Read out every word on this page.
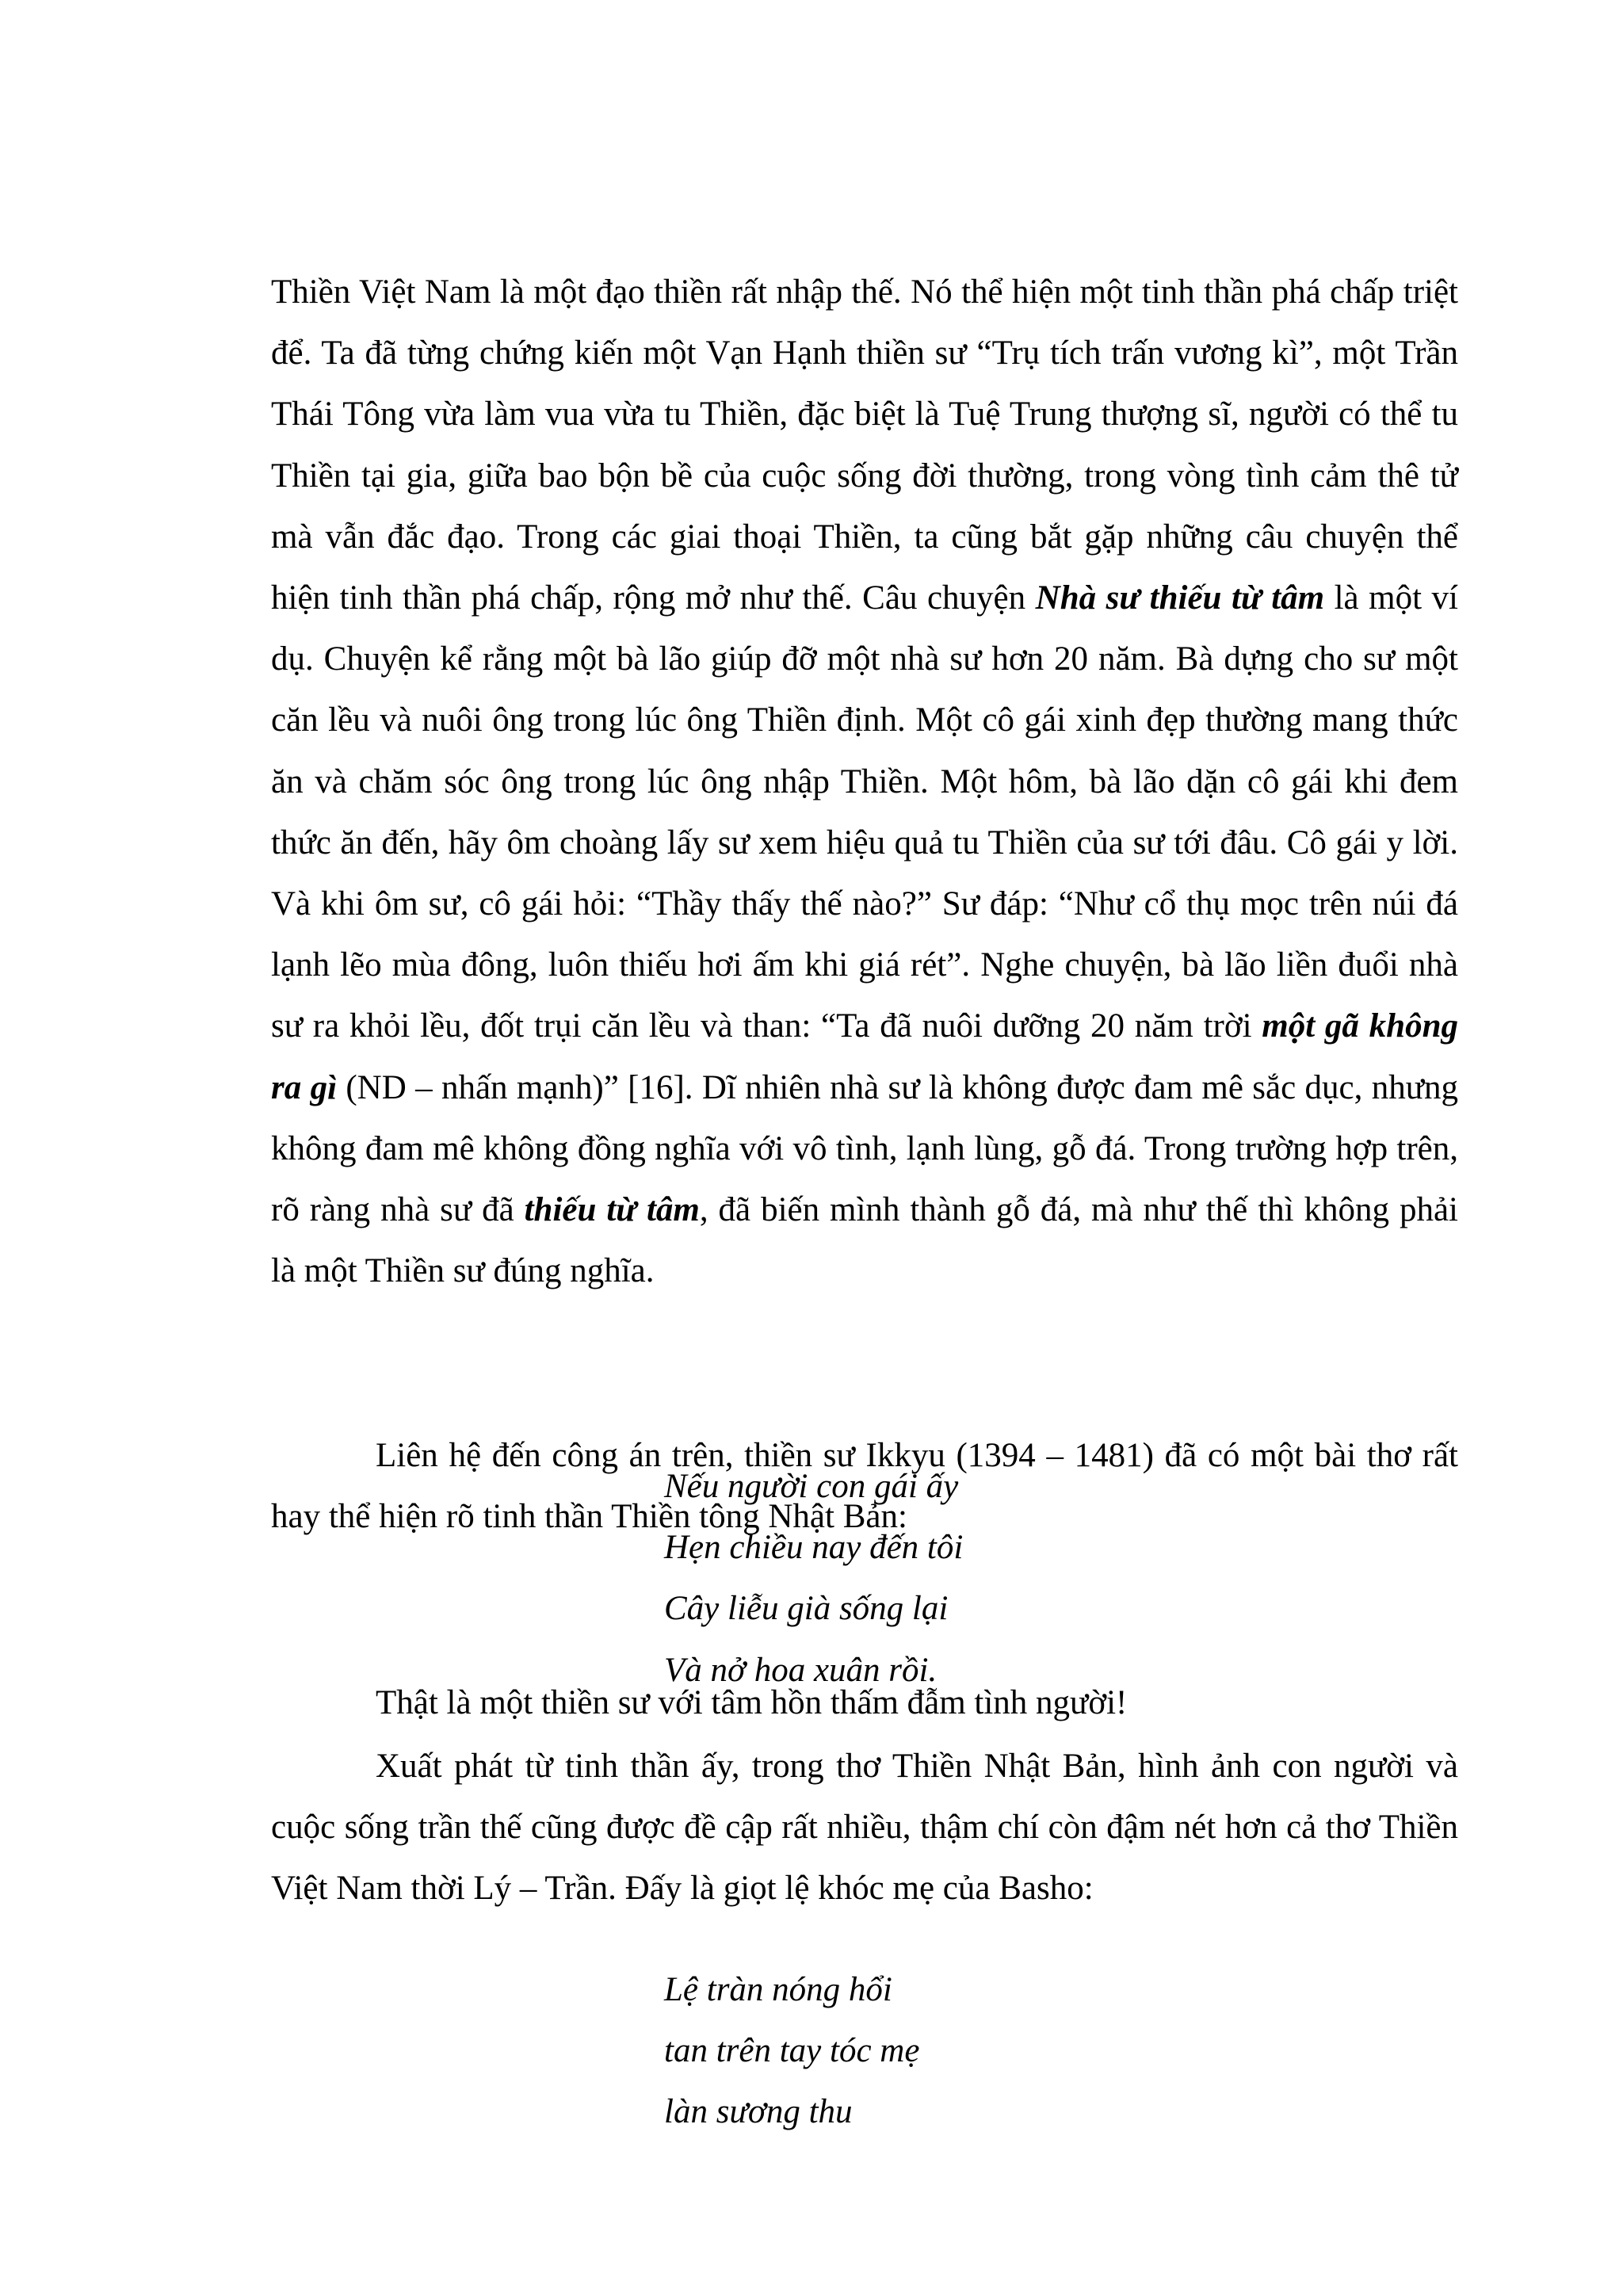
Thiền Việt Nam là một đạo thiền rất nhập thế. Nó thể hiện một tinh thần phá chấp triệt để. Ta đã từng chứng kiến một Vạn Hạnh thiền sư “Trụ tích trấn vương kì”, một Trần Thái Tông vừa làm vua vừa tu Thiền, đặc biệt là Tuệ Trung thượng sĩ, người có thể tu Thiền tại gia, giữa bao bộn bề của cuộc sống đời thường, trong vòng tình cảm thê tử mà vẫn đắc đạo. Trong các giai thoại Thiền, ta cũng bắt gặp những câu chuyện thể hiện tinh thần phá chấp, rộng mở như thế. Câu chuyện Nhà sư thiếu từ tâm là một ví dụ. Chuyện kể rằng một bà lão giúp đỡ một nhà sư hơn 20 năm. Bà dựng cho sư một căn lều và nuôi ông trong lúc ông Thiền định. Một cô gái xinh đẹp thường mang thức ăn và chăm sóc ông trong lúc ông nhập Thiền. Một hôm, bà lão dặn cô gái khi đem thức ăn đến, hãy ôm choàng lấy sư xem hiệu quả tu Thiền của sư tới đâu. Cô gái y lời. Và khi ôm sư, cô gái hỏi: “Thầy thấy thế nào?” Sư đáp: “Như cổ thụ mọc trên núi đá lạnh lẽo mùa đông, luôn thiếu hơi ấm khi giá rét”. Nghe chuyện, bà lão liền đuổi nhà sư ra khỏi lều, đốt trụi căn lều và than: “Ta đã nuôi dưỡng 20 năm trời một gã không ra gì (ND – nhấn mạnh)” [16]. Dĩ nhiên nhà sư là không được đam mê sắc dục, nhưng không đam mê không đồng nghĩa với vô tình, lạnh lùng, gỗ đá. Trong trường hợp trên, rõ ràng nhà sư đã thiếu từ tâm, đã biến mình thành gỗ đá, mà như thế thì không phải là một Thiền sư đúng nghĩa.

Liên hệ đến công án trên, thiền sư Ikkyu (1394 – 1481) đã có một bài thơ rất hay thể hiện rõ tinh thần Thiền tông Nhật Bản:

Nếu người con gái ấy
Hẹn chiều nay đến tôi
Cây liễu già sống lại
Và nở hoa xuân rồi.

Thật là một thiền sư với tâm hồn thấm đẫm tình người!

Xuất phát từ tinh thần ấy, trong thơ Thiền Nhật Bản, hình ảnh con người và cuộc sống trần thế cũng được đề cập rất nhiều, thậm chí còn đậm nét hơn cả thơ Thiền Việt Nam thời Lý – Trần. Đấy là giọt lệ khóc mẹ của Basho:

Lệ tràn nóng hổi
tan trên tay tóc mẹ
làn sương thu
